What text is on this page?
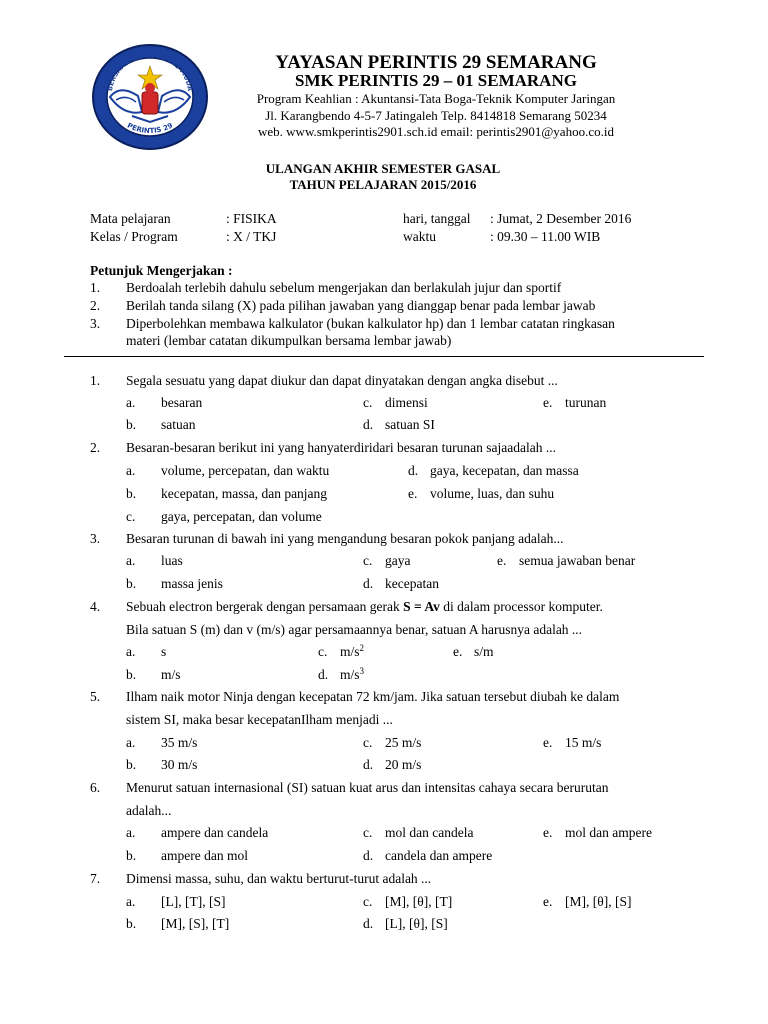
BERSAMA CIPTA TUNAS MUDA
PERINTIS 29
YAYASAN PERINTIS 29 SEMARANG
SMK PERINTIS 29 – 01 SEMARANG
Program Keahlian : Akuntansi-Tata Boga-Teknik Komputer Jaringan
Jl. Karangbendo 4-5-7 Jatingaleh Telp. 8414818 Semarang 50234
web. www.smkperintis2901.sch.id email: perintis2901@yahoo.co.id
ULANGAN AKHIR SEMESTER GASAL
TAHUN PELAJARAN 2015/2016
Mata pelajaran	: FISIKA	hari, tanggal : Jumat, 2 Desember 2016
Kelas / Program	: X / TKJ	waktu	: 09.30 – 11.00 WIB
Petunjuk Mengerjakan :
1. Berdoalah terlebih dahulu sebelum mengerjakan dan berlakulah jujur dan sportif
2. Berilah tanda silang (X) pada pilihan jawaban yang dianggap benar pada lembar jawab
3. Diperbolehkan membawa kalkulator (bukan kalkulator hp) dan 1 lembar catatan ringkasan
materi (lembar catatan dikumpulkan bersama lembar jawab)
1. Segala sesuatu yang dapat diukur dan dapat dinyatakan dengan angka disebut ...
a. besaran	c. dimensi	e. turunan
b. satuan	d. satuan SI
2. Besaran-besaran berikut ini yang hanyaterdiridari besaran turunan sajaadalah ...
a. volume, percepatan, dan waktu	d. gaya, kecepatan, dan massa
b. kecepatan, massa, dan panjang	e. volume, luas, dan suhu
c. gaya, percepatan, dan volume
3. Besaran turunan di bawah ini yang mengandung besaran pokok panjang adalah...
a. luas	c. gaya	e. semua jawaban benar
b. massa jenis	d. kecepatan
4. Sebuah electron bergerak dengan persamaan gerak S = Av di dalam processor komputer.
Bila satuan S (m) dan v (m/s) agar persamaannya benar, satuan A harusnya adalah ...
a. s	c. $m/s^2$	e. s/m
b. m/s	d. $m/s^3$
5. Ilham naik motor Ninja dengan kecepatan 72 km/jam. Jika satuan tersebut diubah ke dalam
sistem SI, maka besar kecepatanIlham menjadi ...
a. 35 m/s	c. 25 m/s	e. 15 m/s
b. 30 m/s	d. 20 m/s
6. Menurut satuan internasional (SI) satuan kuat arus dan intensitas cahaya secara berurutan
adalah...
a. ampere dan candela	c. mol dan candela	e. mol dan ampere
b. ampere dan mol	d. candela dan ampere
7. Dimensi massa, suhu, dan waktu berturut-turut adalah ...
a. [L], [T], [S]	c. [M], [θ], [T]	e. [M], [θ], [S]
b. [M], [S], [T]	d. [L], [θ], [S]
